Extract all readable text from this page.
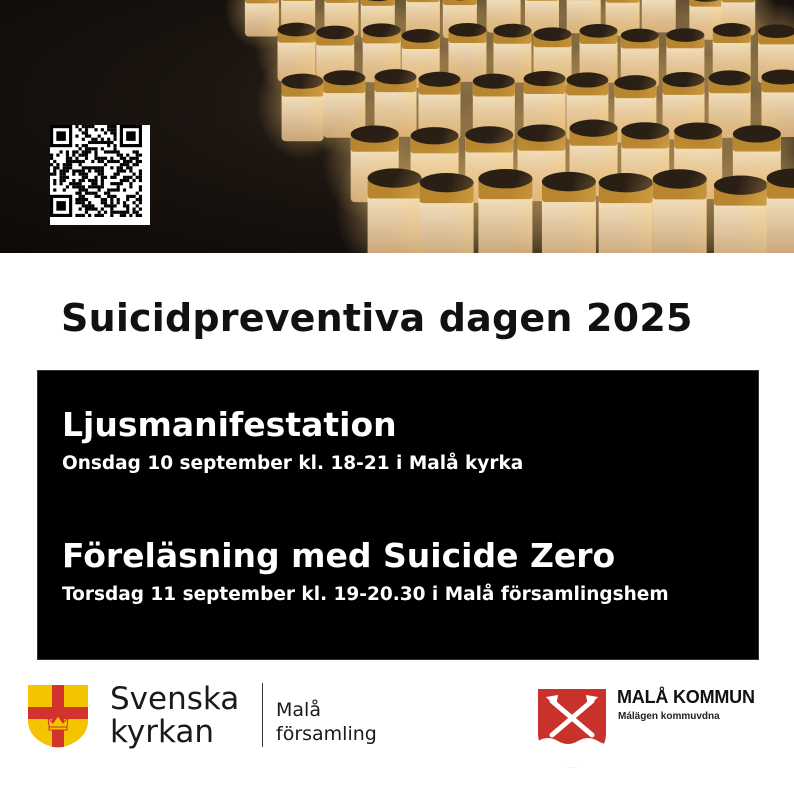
Suicidpreventiva dagen 2025
Ljusmanifestation
Onsdag 10 september kl. 18-21 i Malå kyrka
Föreläsning med Suicide Zero
Torsdag 11 september kl. 19-20.30 i Malå församlingshem
Svenska
kyrkan
Malå
församling
MALÅ KOMMUN
Málägen kommuvdna
